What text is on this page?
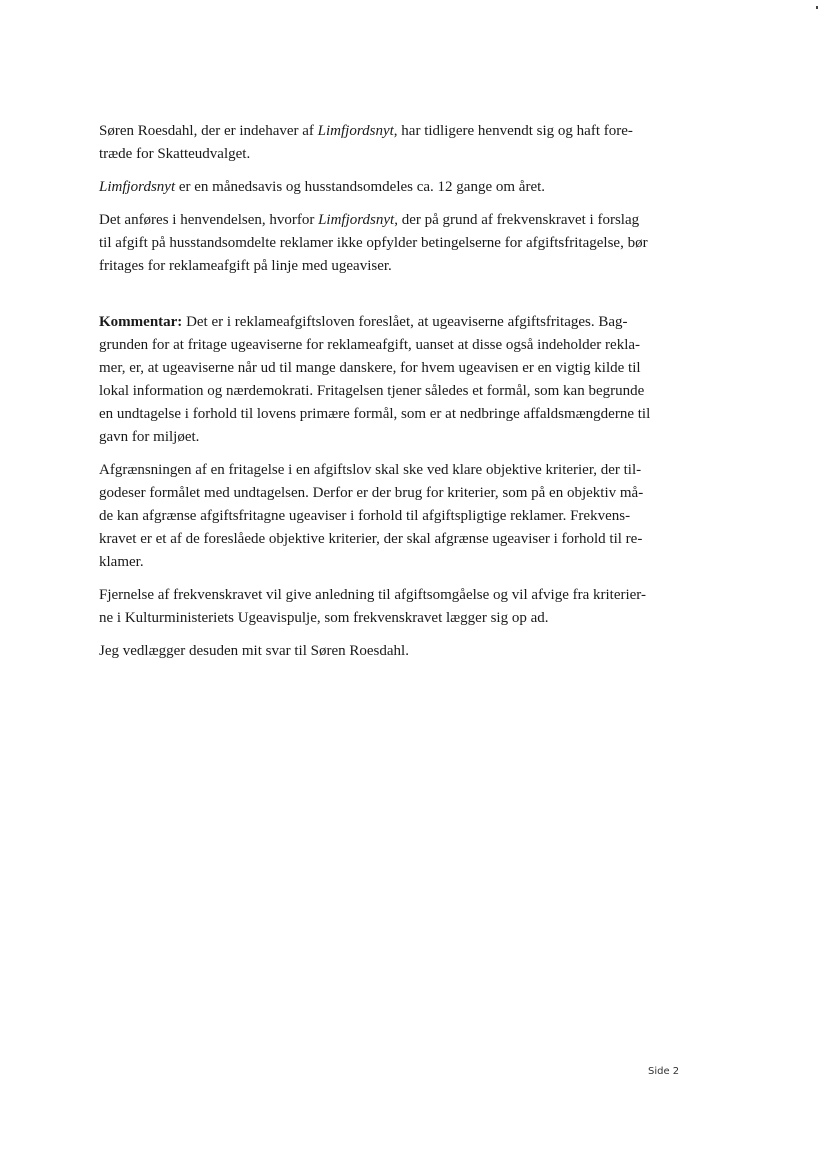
Søren Roesdahl, der er indehaver af Limfjordsnyt, har tidligere henvendt sig og haft fore-
træde for Skatteudvalget.

Limfjordsnyt er en månedsavis og husstandsomdeles ca. 12 gange om året.

Det anføres i henvendelsen, hvorfor Limfjordsnyt, der på grund af frekvenskravet i forslag
til afgift på husstandsomdelte reklamer ikke opfylder betingelserne for afgiftsfritagelse, bør
fritages for reklameafgift på linje med ugeaviser.

Kommentar: Det er i reklameafgiftsloven foreslået, at ugeaviserne afgiftsfritages. Bag-
grunden for at fritage ugeaviserne for reklameafgift, uanset at disse også indeholder rekla-
mer, er, at ugeaviserne når ud til mange danskere, for hvem ugeavisen er en vigtig kilde til
lokal information og nærdemokrati. Fritagelsen tjener således et formål, som kan begrunde
en undtagelse i forhold til lovens primære formål, som er at nedbringe affaldsmængderne til
gavn for miljøet.

Afgrænsningen af en fritagelse i en afgiftslov skal ske ved klare objektive kriterier, der til-
godeser formålet med undtagelsen. Derfor er der brug for kriterier, som på en objektiv må-
de kan afgrænse afgiftsfritagne ugeaviser i forhold til afgiftspligtige reklamer. Frekvens-
kravet er et af de foreslåede objektive kriterier, der skal afgrænse ugeaviser i forhold til re-
klamer.

Fjernelse af frekvenskravet vil give anledning til afgiftsomgåelse og vil afvige fra kriterier-
ne i Kulturministeriets Ugeavispulje, som frekvenskravet lægger sig op ad.

Jeg vedlægger desuden mit svar til Søren Roesdahl.

Side 2
